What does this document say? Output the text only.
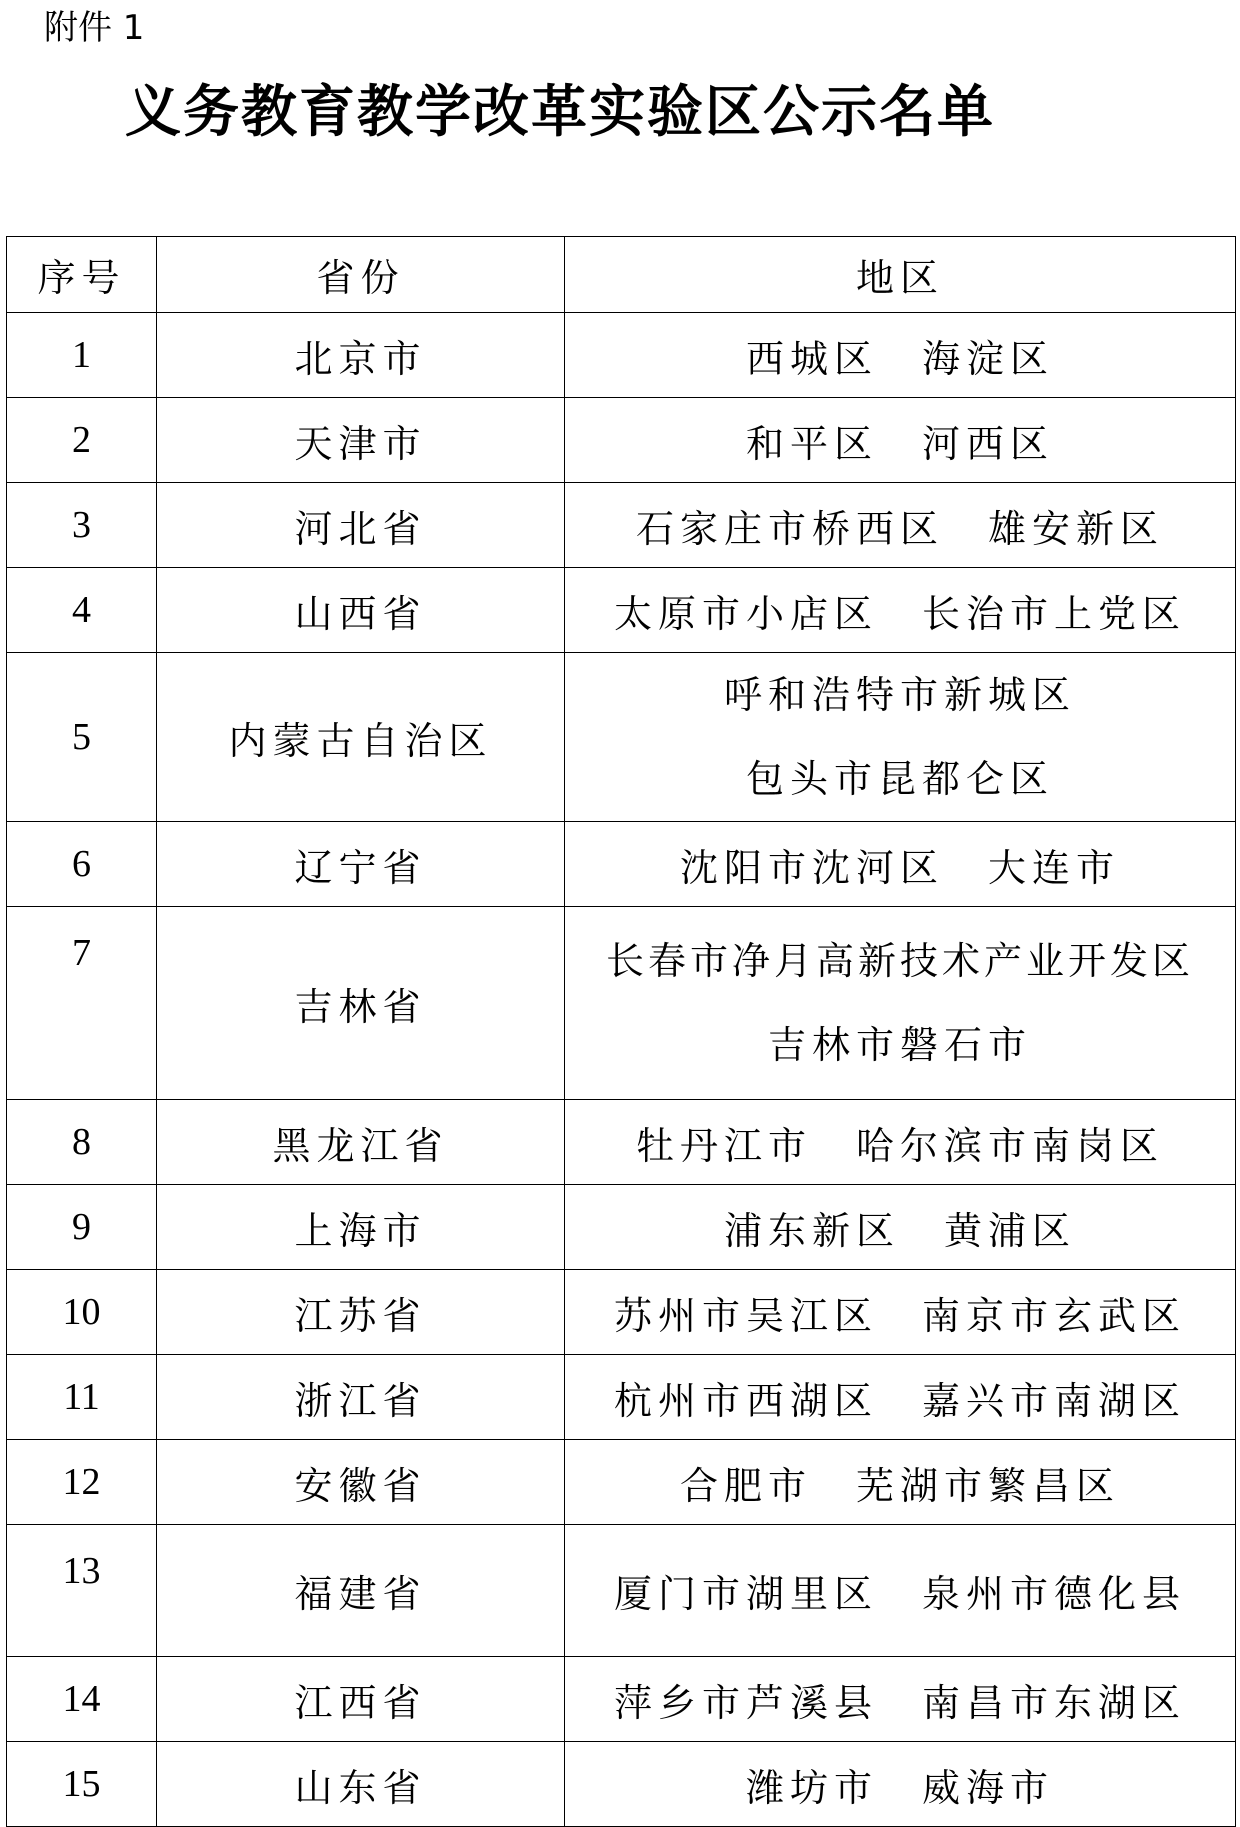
附件 1
义务教育教学改革实验区公示名单
序号	省份	地区
1	北京市	西城区 海淀区
2	天津市	和平区 河西区
3	河北省	石家庄市桥西区 雄安新区
4	山西省	太原市小店区 长治市上党区
5	内蒙古自治区	呼和浩特市新城区
包头市昆都仑区

6	辽宁省	沈阳市沈河区 大连市
7	吉林省	长春市净月高新技术产业开发区
吉林市磐石市

8	黑龙江省	牡丹江市 哈尔滨市南岗区
9	上海市	浦东新区 黄浦区
10	江苏省	苏州市吴江区 南京市玄武区
11	浙江省	杭州市西湖区 嘉兴市南湖区
12	安徽省	合肥市 芜湖市繁昌区
13	福建省	厦门市湖里区 泉州市德化县
14	江西省	萍乡市芦溪县 南昌市东湖区
15	山东省	潍坊市 威海市
